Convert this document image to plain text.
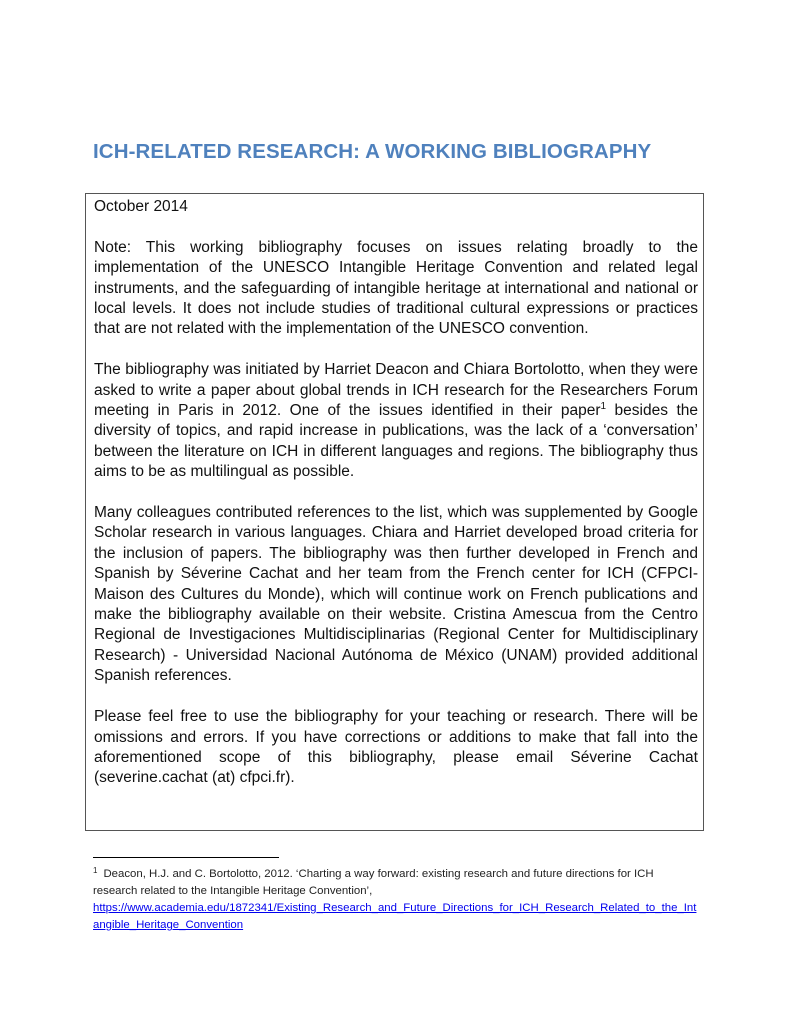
ICH-RELATED RESEARCH: A WORKING BIBLIOGRAPHY

October 2014

Note: This working bibliography focuses on issues relating broadly to the implementation of the UNESCO Intangible Heritage Convention and related legal instruments, and the safeguarding of intangible heritage at international and national or local levels. It does not include studies of traditional cultural expressions or practices that are not related with the implementation of the UNESCO convention.

The bibliography was initiated by Harriet Deacon and Chiara Bortolotto, when they were asked to write a paper about global trends in ICH research for the Researchers Forum meeting in Paris in 2012. One of the issues identified in their paper$^1$ besides the diversity of topics, and rapid increase in publications, was the lack of a ‘conversation’ between the literature on ICH in different languages and regions. The bibliography thus aims to be as multilingual as possible.

Many colleagues contributed references to the list, which was supplemented by Google Scholar research in various languages. Chiara and Harriet developed broad criteria for the inclusion of papers. The bibliography was then further developed in French and Spanish by Séverine Cachat and her team from the French center for ICH (CFPCI-Maison des Cultures du Monde), which will continue work on French publications and make the bibliography available on their website. Cristina Amescua from the Centro Regional de Investigaciones Multidisciplinarias (Regional Center for Multidisciplinary Research) - Universidad Nacional Autónoma de México (UNAM) provided additional Spanish references.

Please feel free to use the bibliography for your teaching or research. There will be omissions and errors. If you have corrections or additions to make that fall into the aforementioned scope of this bibliography, please email Séverine Cachat (severine.cachat (at) cfpci.fr).

$^1$ Deacon, H.J. and C. Bortolotto, 2012. ‘Charting a way forward: existing research and future directions for ICH research related to the Intangible Heritage Convention’,
https://www.academia.edu/1872341/Existing_Research_and_Future_Directions_for_ICH_Research_Related_to_the_Intangible_Heritage_Convention
